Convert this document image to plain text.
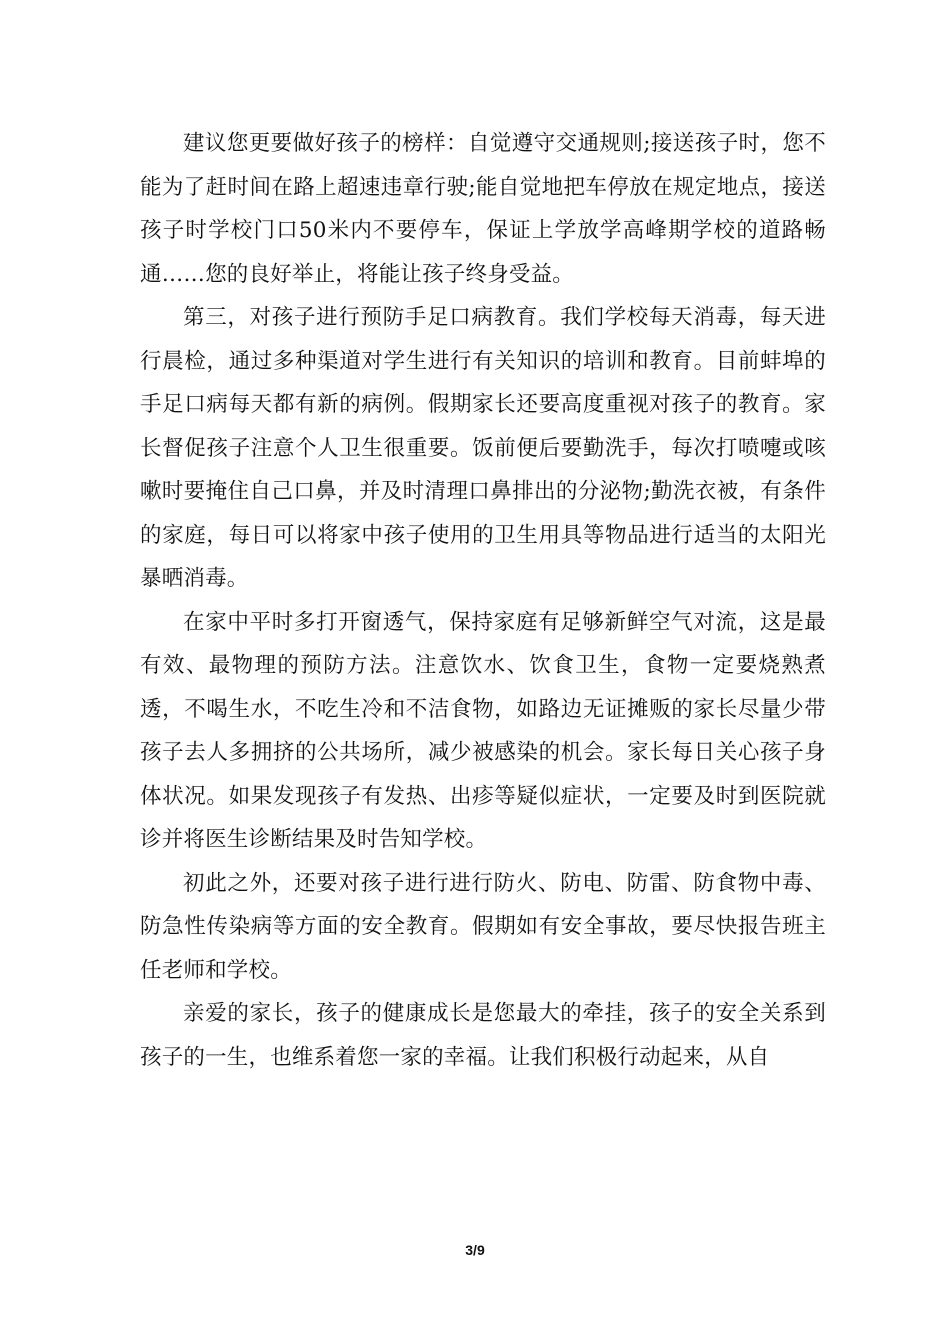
建议您更要做好孩子的榜样：自觉遵守交通规则;接送孩子时，您不能为了赶时间在路上超速违章行驶;能自觉地把车停放在规定地点，接送孩子时学校门口50米内不要停车，保证上学放学高峰期学校的道路畅通……您的良好举止，将能让孩子终身受益。

第三，对孩子进行预防手足口病教育。我们学校每天消毒，每天进行晨检，通过多种渠道对学生进行有关知识的培训和教育。目前蚌埠的手足口病每天都有新的病例。假期家长还要高度重视对孩子的教育。家长督促孩子注意个人卫生很重要。饭前便后要勤洗手，每次打喷嚏或咳嗽时要掩住自己口鼻，并及时清理口鼻排出的分泌物;勤洗衣被，有条件的家庭，每日可以将家中孩子使用的卫生用具等物品进行适当的太阳光暴晒消毒。

在家中平时多打开窗透气，保持家庭有足够新鲜空气对流，这是最有效、最物理的预防方法。注意饮水、饮食卫生，食物一定要烧熟煮透，不喝生水，不吃生冷和不洁食物，如路边无证摊贩的家长尽量少带孩子去人多拥挤的公共场所，减少被感染的机会。家长每日关心孩子身体状况。如果发现孩子有发热、出疹等疑似症状，一定要及时到医院就诊并将医生诊断结果及时告知学校。

初此之外，还要对孩子进行进行防火、防电、防雷、防食物中毒、防急性传染病等方面的安全教育。假期如有安全事故，要尽快报告班主任老师和学校。

亲爱的家长，孩子的健康成长是您最大的牵挂，孩子的安全关系到孩子的一生，也维系着您一家的幸福。让我们积极行动起来，从自

3/9
